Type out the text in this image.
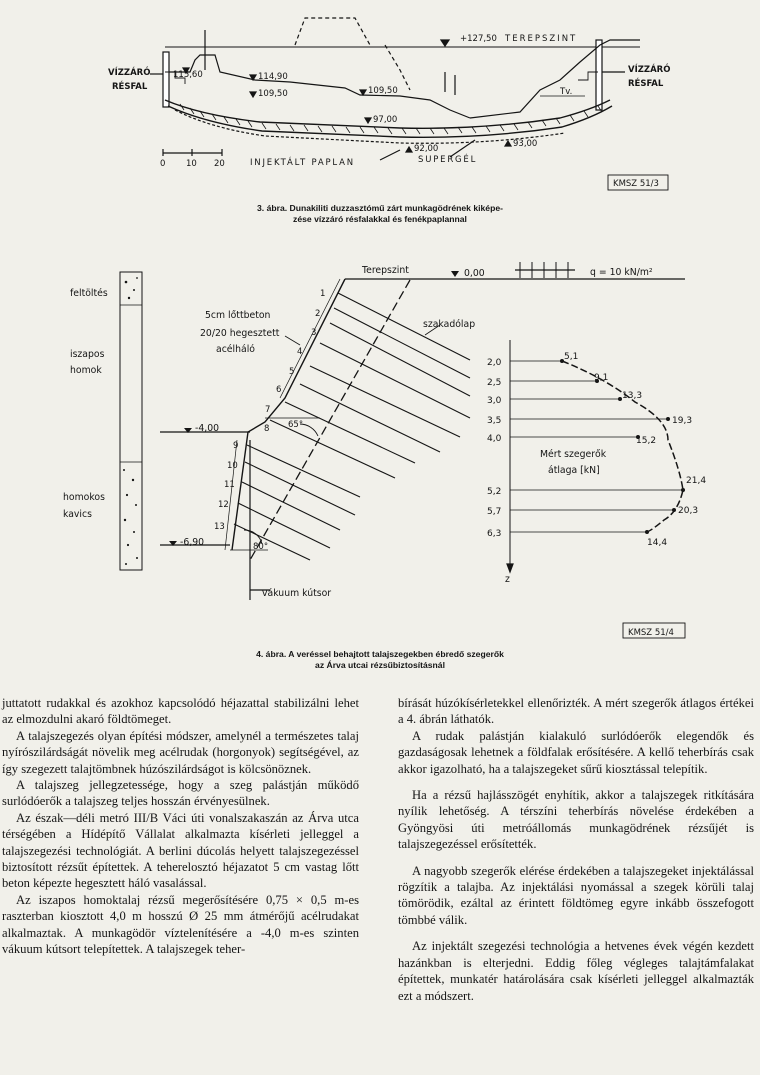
+127,50 TEREPSZINT
VÍZZÁRÓ
RÉSFAL
VÍZZÁRÓ
RÉSFAL
115,60	114,90
109,50	109,50	Tv.
97,00
92,00	93,00
INJEKTÁLT PAPLAN	SUPERGÉL
0 10 20
KMSZ 51/3
feltöltés
iszapos
homok
homokos
kavics
Terepszint	0,00	q = 10 kN/m²
5cm lőttbeton
20/20 hegesztett
acélháló
szakadólap
-4,00
-6,90
65°
80°
vákuum kútsor
Mért szegerők
átlaga [kN]
z
KMSZ 51/4
1
2
3
4
5
6
7
8
9
10
11
12
13
2,0
2,5
3,0
3,5
4,0
5,2
5,7
6,3
5,1
9,1
13,3
19,3
15,2
21,4
20,3
14,4
3. ábra. Dunakiliti duzzasztómű zárt munkagödrének kiképe-
zése vízzáró résfalakkal és fenékpaplannal
4. ábra. A veréssel behajtott talajszegekben ébredő szegerők
az Árva utcai rézsűbiztosításnál

juttatott rudakkal és azokhoz kapcsolódó héjazattal stabilizálni lehet az elmozdulni akaró földtömeget.

A talajszegezés olyan építési módszer, amelynél a természetes talaj nyírószilárdságát növelik meg acélrudak (horgonyok) segítségével, az így szegezett talajtömbnek húzószilárdságot is kölcsönöznek.

A talajszeg jellegzetessége, hogy a szeg palástján működő surlódóerők a talajszeg teljes hosszán érvényesülnek.

Az észak—déli metró III/B Váci úti vonalszakaszán az Árva utca térségében a Hídépítő Vállalat alkalmazta kísérleti jelleggel a talajszegezési technológiát. A berlini dúcolás helyett talajszegezéssel biztosított rézsűt építettek. A teherelosztó héjazatot 5 cm vastag lőtt beton képezte hegesztett háló vasalással.

Az iszapos homoktalaj rézsű megerősítésére 0,75 × 0,5 m-es raszterban kiosztott 4,0 m hosszú Ø 25 mm átmérőjű acélrudakat alkalmaztak. A munkagödör víztelenítésére a -4,0 m-es szinten vákuum kútsort telepítettek. A talajszegek teher-

bírását húzókísérletekkel ellenőrizték. A mért szegerők átlagos értékei a 4. ábrán láthatók.

A rudak palástján kialakuló surlódóerők elegendők és gazdaságosak lehetnek a földfalak erősítésére. A kellő teherbírás csak akkor igazolható, ha a talajszegeket sűrű kiosztással telepítik.

Ha a rézsű hajlásszögét enyhítik, akkor a talajszegek ritkítására nyílik lehetőség. A térszíni teherbírás növelése érdekében a Gyöngyösi úti metróállomás munkagödrének rézsűjét is talajszegezéssel erősítették.

A nagyobb szegerők elérése érdekében a talajszegeket injektálással rögzítik a talajba. Az injektálási nyomással a szegek körüli talaj tömörödik, ezáltal az érintett földtömeg egyre inkább összefogott tömbbé válik.

Az injektált szegezési technológia a hetvenes évek végén kezdett hazánkban is elterjedni. Eddig főleg végleges talajtámfalakat építettek, munkatér határolására csak kísérleti jelleggel alkalmazták ezt a módszert.
